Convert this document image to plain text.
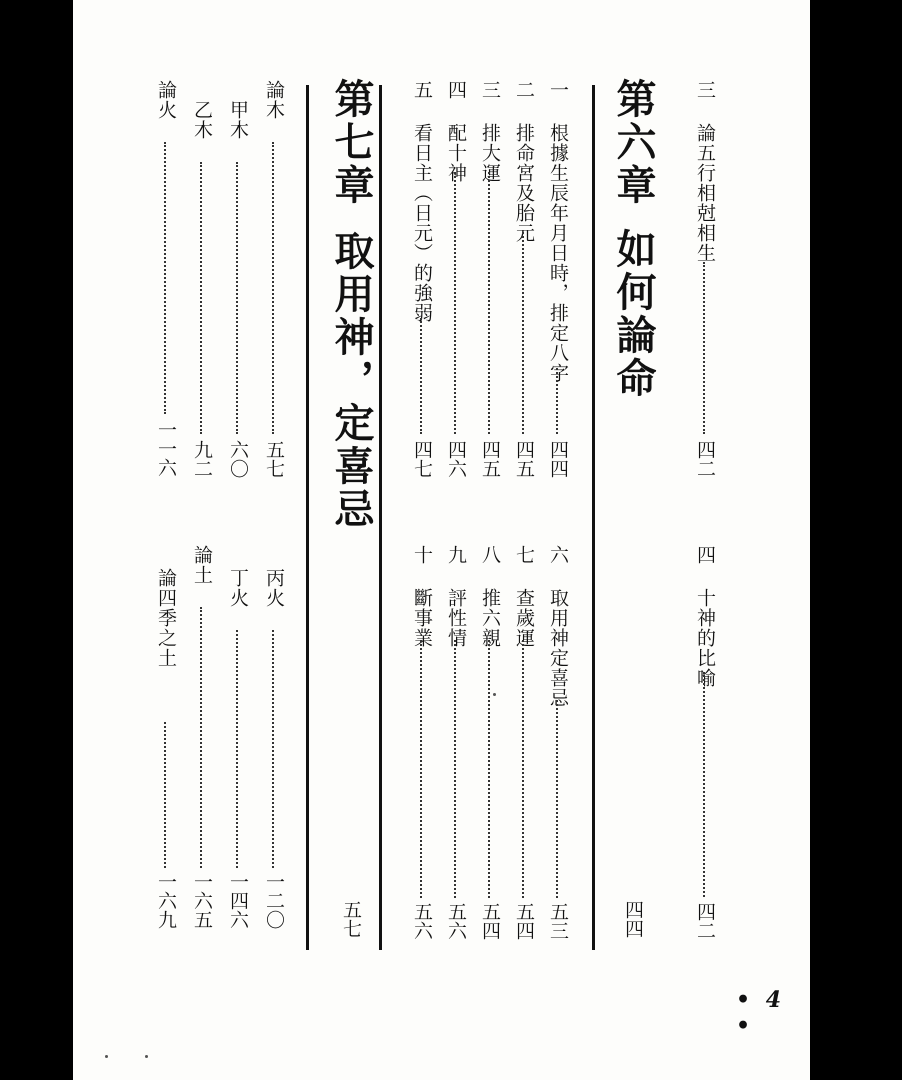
三 論五行相尅相生
四二
四 十神的比喻
四二
第六章
如何論命
四四
一 根據生辰年月日時，排定八字
四四
六 取用神定喜忌
五三
二 排命宮及胎元
四五
七 查歲運
五四
三 排大運
四五
八 推六親
五四
四 配十神
四六
九 評性情
五六
五 看日主（日元）的強弱
四七
十 斷事業
五六
第七章
取用神，定喜忌
五七
論木
五七
丙火
一二〇
甲木
六〇
丁火
一四六
乙木
九二
論土
一六五
論火
一一六
論四季之土
一六九
• 4 •
